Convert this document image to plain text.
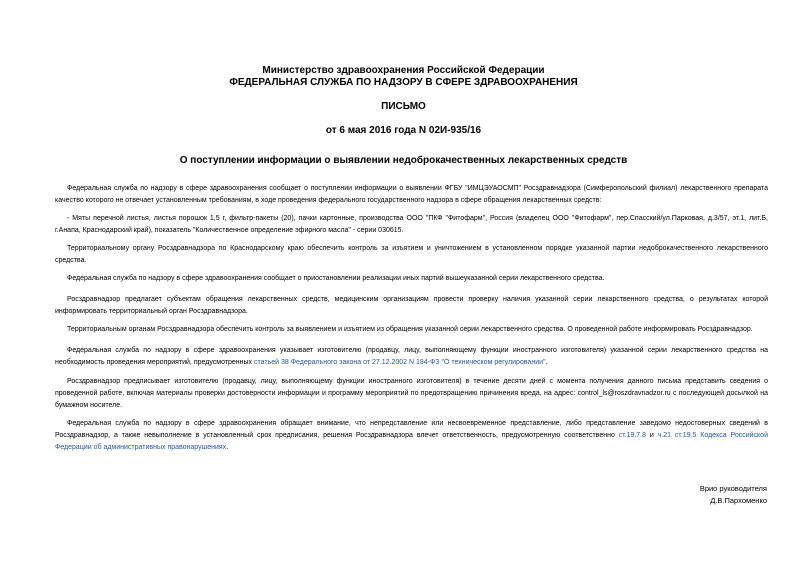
Министерство здравоохранения Российской Федерации
ФЕДЕРАЛЬНАЯ СЛУЖБА ПО НАДЗОРУ В СФЕРЕ ЗДРАВООХРАНЕНИЯ
ПИСЬМО
от 6 мая 2016 года N 02И-935/16
О поступлении информации о выявлении недоброкачественных лекарственных средств

Федеральная служба по надзору в сфере здравоохранения сообщает о поступлении информации о выявлении ФГБУ "ИМЦЭУАОСМП" Росздравнадзора (Симферопольский филиал) лекарственного препарата качество которого не отвечает установленным требованиям, в ходе проведения федерального государственного надзора в сфере обращения лекарственных средств:

- Мяты перечной листья, листья порошок 1,5 г, фильтр-пакеты (20), пачки картонные, производства ООО "ПКФ "Фитофарм", Россия (владелец ООО "Фитофарм", пер.Спасский/ул.Парковая, д.3/57, эт.1, лит.Б, г.Анапа, Краснодарский край), показатель "Количественное определение эфирного масла" - серии 030615.

Территориальному органу Росздравнадзора по Краснодарскому краю обеспечить контроль за изъятием и уничтожением в установленном порядке указанной партии недоброкачественного лекарственного средства.

Федеральная служба по надзору в сфере здравоохранения сообщает о приостановлении реализации иных партий вышеуказанной серии лекарственного средства.

Росздравнадзор предлагает субъектам обращения лекарственных средств, медицинским организациям провести проверку наличия указанной серии лекарственного средства, о результатах которой информировать территориальный орган Росздравнадзора.

Территориальным органам Росздравнадзора обеспечить контроль за выявлением и изъятием из обращения указанной серии лекарственного средства. О проведенной работе информировать Росздравнадзор.

Федеральная служба по надзору в сфере здравоохранения указывает изготовителю (продавцу, лицу, выполняющему функции иностранного изготовителя) указанной серии лекарственного средства на необходимость проведения мероприятий, предусмотренных статьей 38 Федерального закона от 27.12.2002 N 184-ФЗ "О техническом регулировании".

Росздравнадзор предписывает изготовителю (продавцу, лицу, выполняющему функции иностранного изготовителя) в течение десяти дней с момента получения данного письма представить сведения о проведенной работе, включая материалы проверки достоверности информации и программу мероприятий по предотвращению причинения вреда, на адрес: control_ls@roszdravnadzor.ru с последующей досылкой на бумажном носителе.

Федеральная служба по надзору в сфере здравоохранения обращает внимание, что непредставление или несвоевременное представление, либо представление заведомо недостоверных сведений в Росздравнадзор, а также невыполнение в установленный срок предписания, решения Росздравнадзора влечет ответственность, предусмотренную соответственно ст.19.7.8 и ч.21 ст.19.5 Кодекса Российской Федерации об административных правонарушениях.

Врио руководителя
Д.В.Пархоменко
